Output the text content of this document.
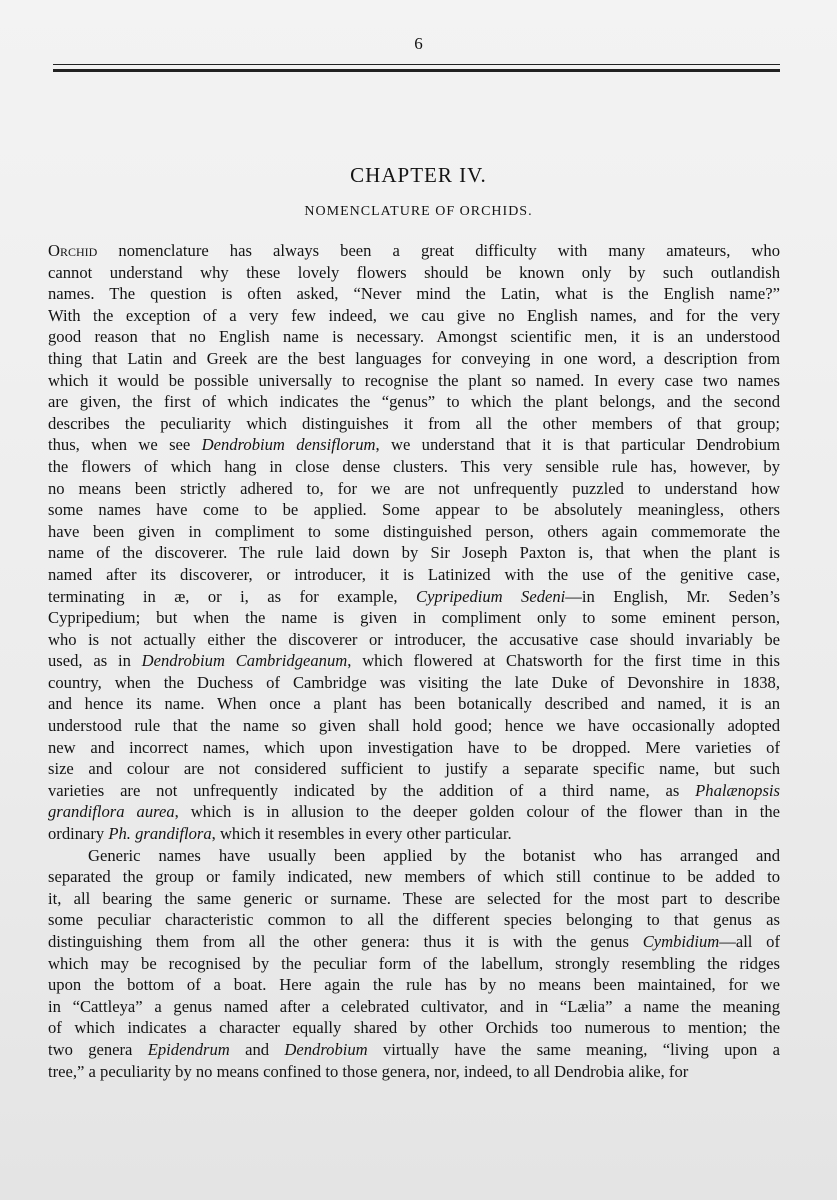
6
CHAPTER IV.
NOMENCLATURE OF ORCHIDS.
Orchid nomenclature has always been a great difficulty with many amateurs, who
cannot understand why these lovely flowers should be known only by such outlandish
names. The question is often asked, “Never mind the Latin, what is the English name?”
With the exception of a very few indeed, we cau give no English names, and for the very
good reason that no English name is necessary. Amongst scientific men, it is an understood
thing that Latin and Greek are the best languages for conveying in one word, a description from
which it would be possible universally to recognise the plant so named. In every case two names
are given, the first of which indicates the “genus” to which the plant belongs, and the second
describes the peculiarity which distinguishes it from all the other members of that group;
thus, when we see Dendrobium densiflorum, we understand that it is that particular Dendrobium
the flowers of which hang in close dense clusters. This very sensible rule has, however, by
no means been strictly adhered to, for we are not unfrequently puzzled to understand how
some names have come to be applied. Some appear to be absolutely meaningless, others
have been given in compliment to some distinguished person, others again commemorate the
name of the discoverer. The rule laid down by Sir Joseph Paxton is, that when the plant is
named after its discoverer, or introducer, it is Latinized with the use of the genitive case,
terminating in æ, or i, as for example, Cypripedium Sedeni—in English, Mr. Seden’s
Cypripedium; but when the name is given in compliment only to some eminent person,
who is not actually either the discoverer or introducer, the accusative case should invariably be
used, as in Dendrobium Cambridgeanum, which flowered at Chatsworth for the first time in this
country, when the Duchess of Cambridge was visiting the late Duke of Devonshire in 1838,
and hence its name. When once a plant has been botanically described and named, it is an
understood rule that the name so given shall hold good; hence we have occasionally adopted
new and incorrect names, which upon investigation have to be dropped. Mere varieties of
size and colour are not considered sufficient to justify a separate specific name, but such
varieties are not unfrequently indicated by the addition of a third name, as Phalænopsis
grandiflora aurea, which is in allusion to the deeper golden colour of the flower than in the
ordinary Ph. grandiflora, which it resembles in every other particular.
Generic names have usually been applied by the botanist who has arranged and
separated the group or family indicated, new members of which still continue to be added to
it, all bearing the same generic or surname. These are selected for the most part to describe
some peculiar characteristic common to all the different species belonging to that genus as
distinguishing them from all the other genera: thus it is with the genus Cymbidium—all of
which may be recognised by the peculiar form of the labellum, strongly resembling the ridges
upon the bottom of a boat. Here again the rule has by no means been maintained, for we
in “Cattleya” a genus named after a celebrated cultivator, and in “Lælia” a name the meaning
of which indicates a character equally shared by other Orchids too numerous to mention; the
two genera Epidendrum and Dendrobium virtually have the same meaning, “living upon a
tree,” a peculiarity by no means confined to those genera, nor, indeed, to all Dendrobia alike, for
